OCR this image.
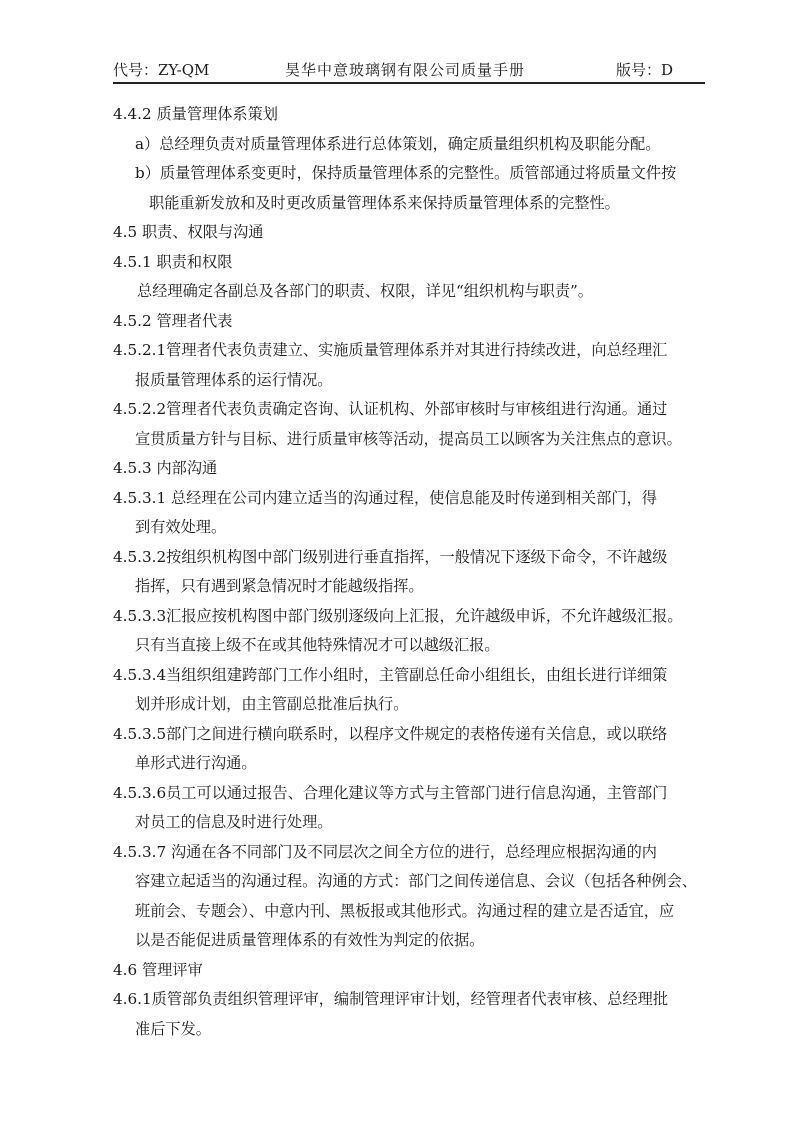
代号：ZY-QM	昊华中意玻璃钢有限公司质量手册	版号：D

4.4.2 质量管理体系策划

a）总经理负责对质量管理体系进行总体策划，确定质量组织机构及职能分配。

b）质量管理体系变更时，保持质量管理体系的完整性。质管部通过将质量文件按

职能重新发放和及时更改质量管理体系来保持质量管理体系的完整性。

4.5 职责、权限与沟通

4.5.1 职责和权限

总经理确定各副总及各部门的职责、权限，详见“组织机构与职责”。

4.5.2 管理者代表

4.5.2.1管理者代表负责建立、实施质量管理体系并对其进行持续改进，向总经理汇

报质量管理体系的运行情况。

4.5.2.2管理者代表负责确定咨询、认证机构、外部审核时与审核组进行沟通。通过

宣贯质量方针与目标、进行质量审核等活动，提高员工以顾客为关注焦点的意识。

4.5.3 内部沟通

4.5.3.1 总经理在公司内建立适当的沟通过程，使信息能及时传递到相关部门，得

到有效处理。

4.5.3.2按组织机构图中部门级别进行垂直指挥，一般情况下逐级下命令，不许越级

指挥，只有遇到紧急情况时才能越级指挥。

4.5.3.3汇报应按机构图中部门级别逐级向上汇报，允许越级申诉，不允许越级汇报。

只有当直接上级不在或其他特殊情况才可以越级汇报。

4.5.3.4当组织组建跨部门工作小组时，主管副总任命小组组长，由组长进行详细策

划并形成计划，由主管副总批准后执行。

4.5.3.5部门之间进行横向联系时，以程序文件规定的表格传递有关信息，或以联络

单形式进行沟通。

4.5.3.6员工可以通过报告、合理化建议等方式与主管部门进行信息沟通，主管部门

对员工的信息及时进行处理。

4.5.3.7 沟通在各不同部门及不同层次之间全方位的进行，总经理应根据沟通的内

容建立起适当的沟通过程。沟通的方式：部门之间传递信息、会议（包括各种例会、

班前会、专题会）、中意内刊、黑板报或其他形式。沟通过程的建立是否适宜，应

以是否能促进质量管理体系的有效性为判定的依据。

4.6 管理评审

4.6.1质管部负责组织管理评审，编制管理评审计划，经管理者代表审核、总经理批

准后下发。
